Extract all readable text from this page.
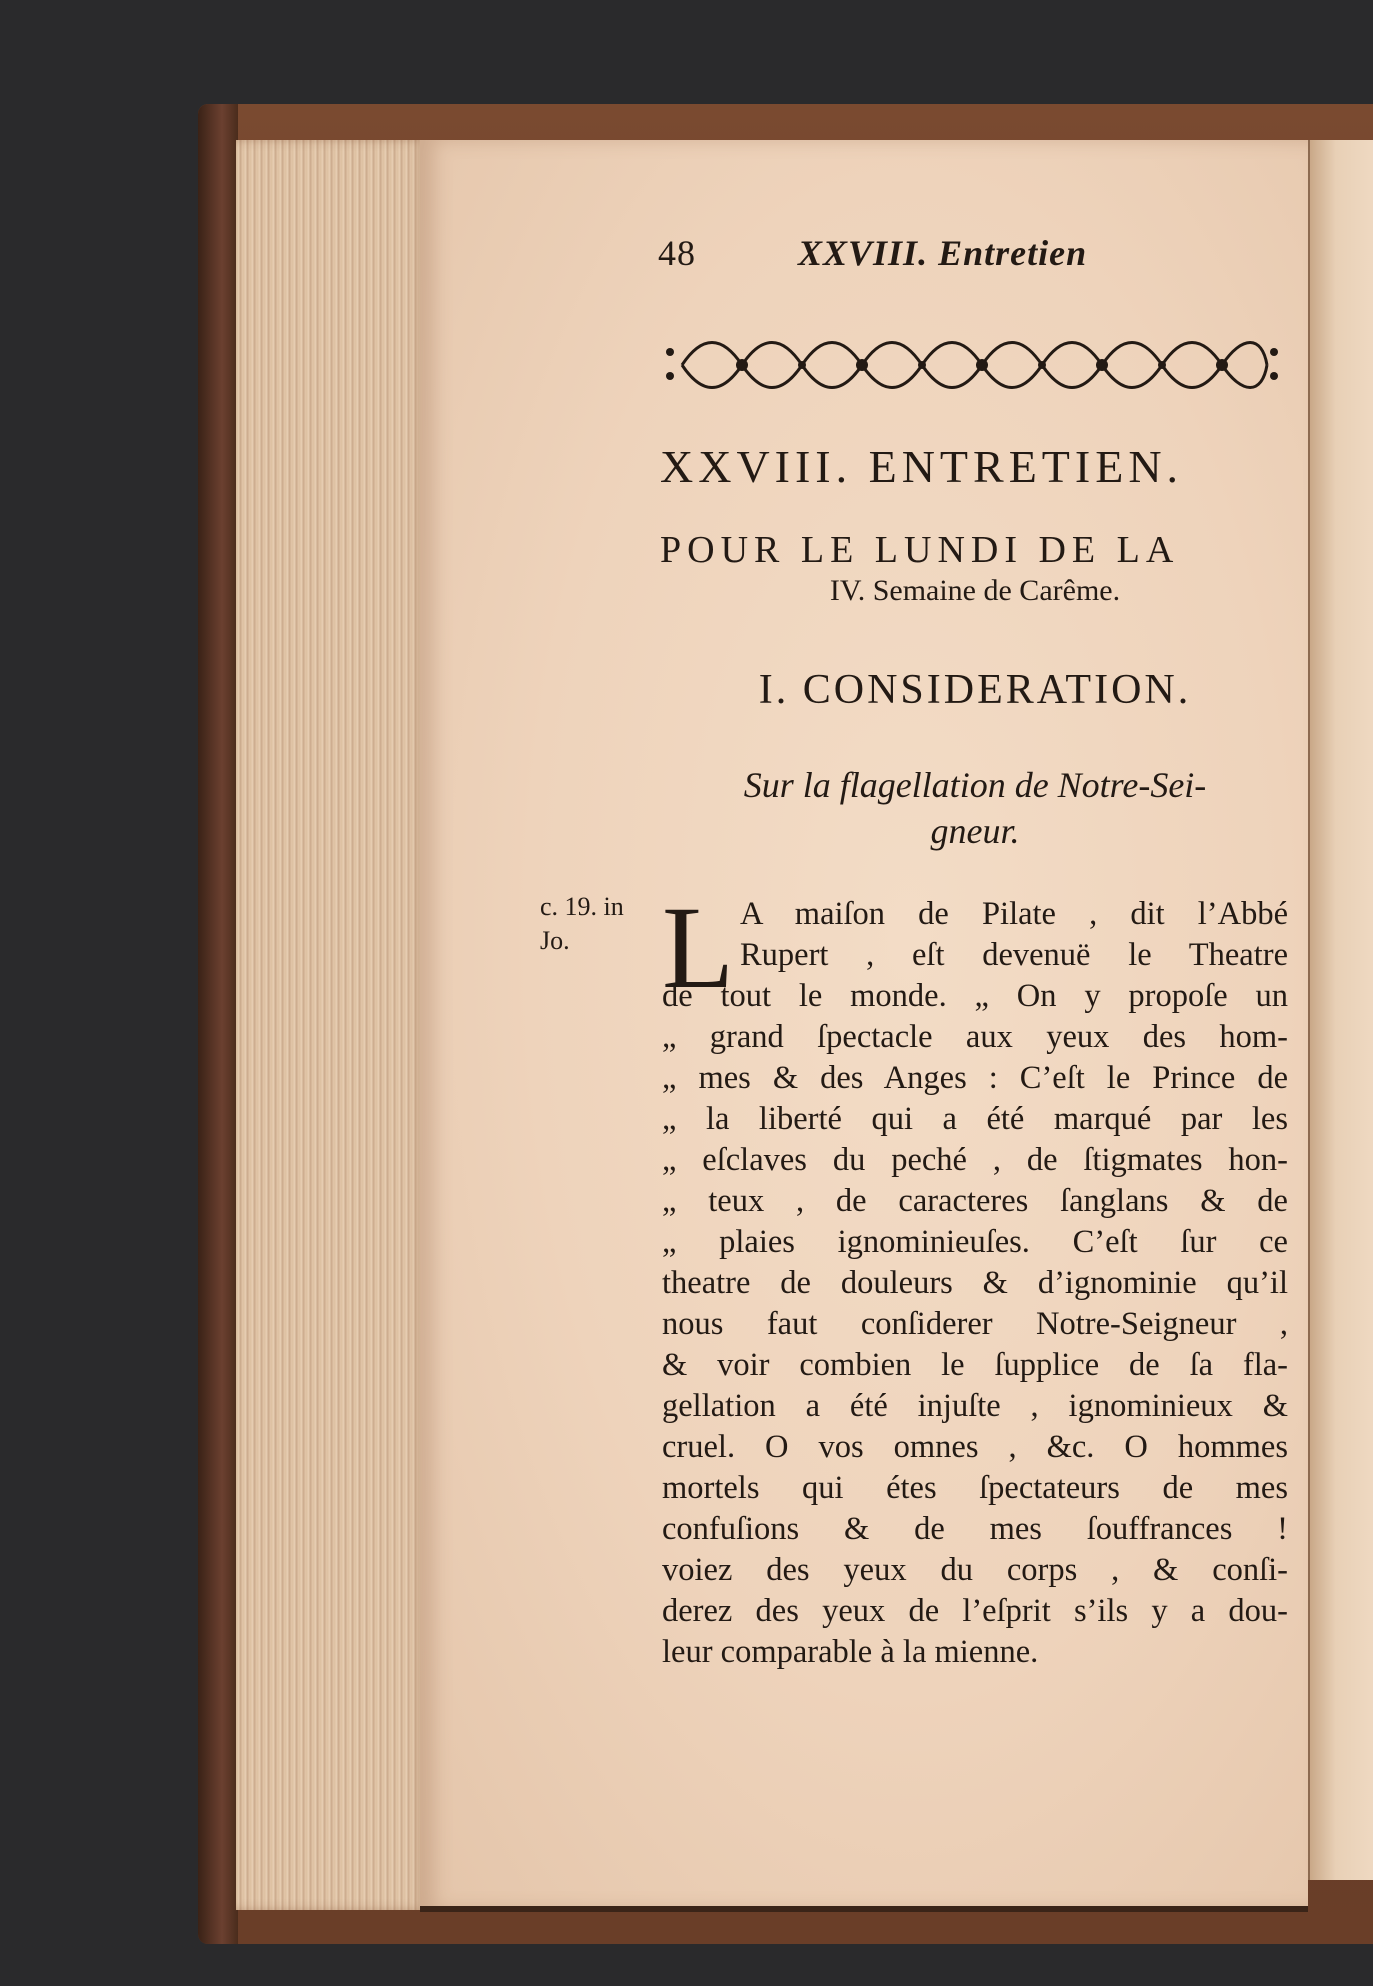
48	XXVIII. Entretien
XXVIII. ENTRETIEN.
POUR LE LUNDI DE LA
IV. Semaine de Carême.
I. CONSIDERATION.
Sur la flagellation de Notre-Sei-
gneur.
c. 19. in
Jo. L A maiſon de Pilate , dit l’Abbé
Rupert , eſt devenuë le Theatre
de tout le monde. „ On y propoſe un
„ grand ſpectacle aux yeux des hom-
„ mes & des Anges : C’eſt le Prince de
„ la liberté qui a été marqué par les
„ eſclaves du peché , de ſtigmates hon-
„ teux , de caracteres ſanglans & de
„ plaies ignominieuſes. C’eſt ſur ce
theatre de douleurs & d’ignominie qu’il
nous faut conſiderer Notre-Seigneur ,
& voir combien le ſupplice de ſa fla-
gellation a été injuſte , ignominieux &
cruel. O vos omnes , &c. O hommes
mortels qui étes ſpectateurs de mes
confuſions & de mes ſouffrances !
voiez des yeux du corps , & conſi-
derez des yeux de l’eſprit s’ils y a dou-
leur comparable à la mienne.
